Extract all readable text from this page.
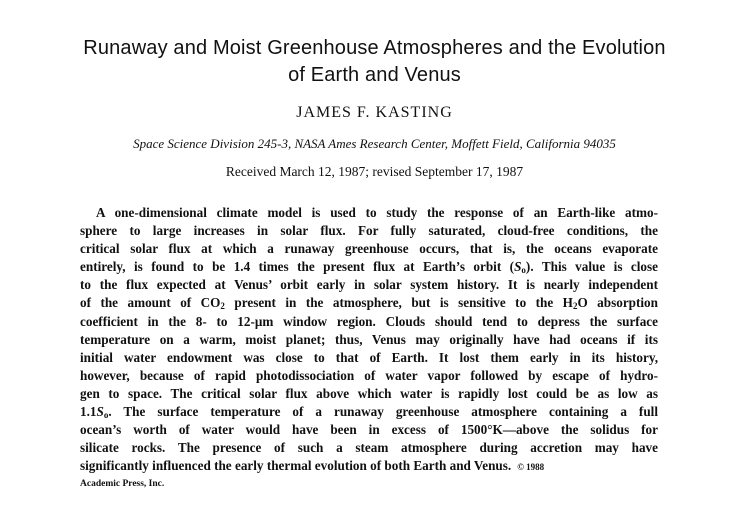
Runaway and Moist Greenhouse Atmospheres and the Evolution
of Earth and Venus
JAMES F. KASTING
Space Science Division 245-3, NASA Ames Research Center, Moffett Field, California 94035
Received March 12, 1987; revised September 17, 1987
A one-dimensional climate model is used to study the response of an Earth-like atmo-
sphere to large increases in solar flux. For fully saturated, cloud-free conditions, the
critical solar flux at which a runaway greenhouse occurs, that is, the oceans evaporate
entirely, is found to be 1.4 times the present flux at Earth’s orbit $(S_o)$. This value is close
to the flux expected at Venus’ orbit early in solar system history. It is nearly independent
of the amount of $CO_2$ present in the atmosphere, but is sensitive to the $H_2O$ absorption
coefficient in the 8- to 12-μm window region. Clouds should tend to depress the surface
temperature on a warm, moist planet; thus, Venus may originally have had oceans if its
initial water endowment was close to that of Earth. It lost them early in its history,
however, because of rapid photodissociation of water vapor followed by escape of hydro-
gen to space. The critical solar flux above which water is rapidly lost could be as low as
$1.1S_o$. The surface temperature of a runaway greenhouse atmosphere containing a full
ocean’s worth of water would have been in excess of 1500°K—above the solidus for
silicate rocks. The presence of such a steam atmosphere during accretion may have
significantly influenced the early thermal evolution of both Earth and Venus. © 1988
Academic Press, Inc.
